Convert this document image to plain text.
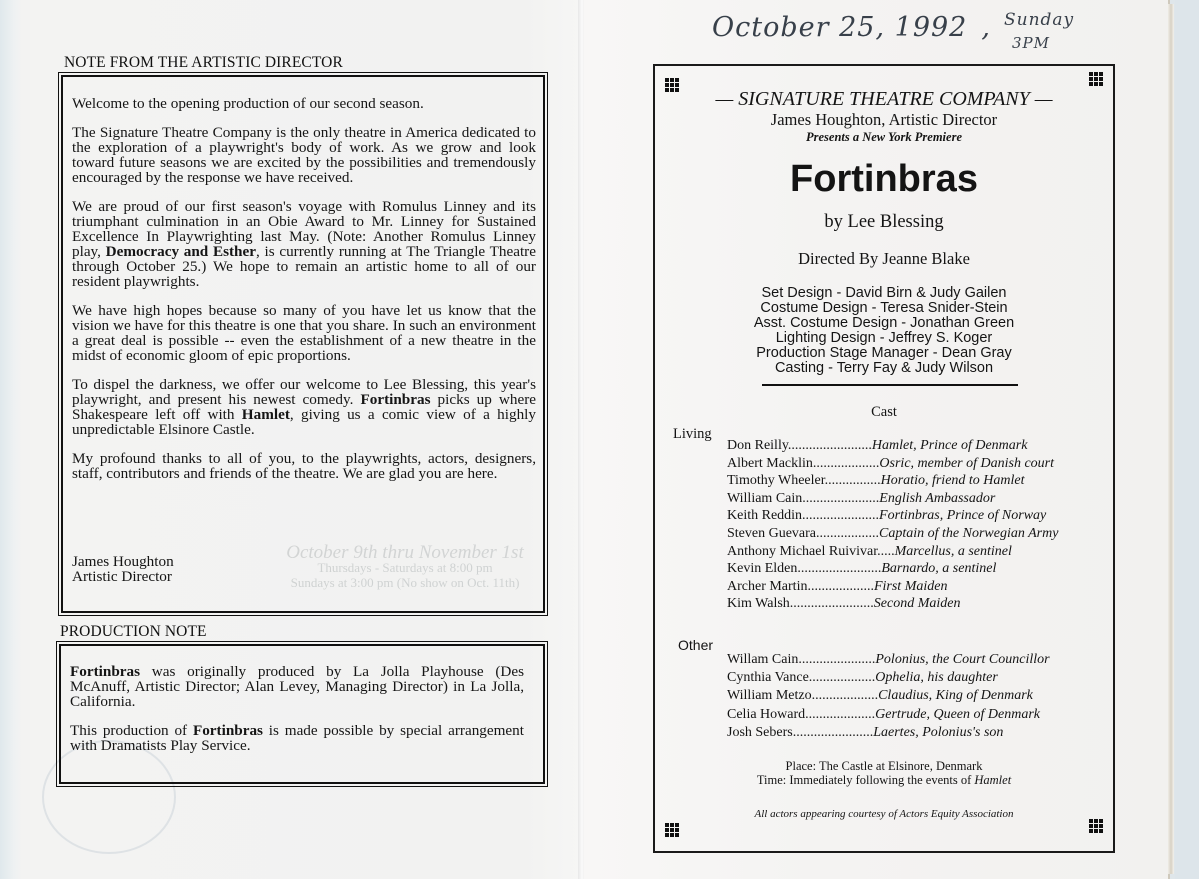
October 9th thru November 1st
Thursdays - Saturdays at 8:00 pm
Sundays at 3:00 pm (No show on Oct. 11th)
NOTE FROM THE ARTISTIC DIRECTOR

Welcome to the opening production of our second season.

The Signature Theatre Company is the only theatre in America dedicated to the exploration of a playwright's body of work. As we grow and look toward future seasons we are excited by the possibilities and tremendously encouraged by the response we have received.

We are proud of our first season's voyage with Romulus Linney and its triumphant culmination in an Obie Award to Mr. Linney for Sustained Excellence In Playwrighting last May. (Note: Another Romulus Linney play, Democracy and Esther, is currently running at The Triangle Theatre through October 25.) We hope to remain an artistic home to all of our resident playwrights.

We have high hopes because so many of you have let us know that the vision we have for this theatre is one that you share. In such an environment a great deal is possible -- even the establishment of a new theatre in the midst of economic gloom of epic proportions.

To dispel the darkness, we offer our welcome to Lee Blessing, this year's playwright, and present his newest comedy. Fortinbras picks up where Shakespeare left off with Hamlet, giving us a comic view of a highly unpredictable Elsinore Castle.

My profound thanks to all of you, to the playwrights, actors, designers, staff, contributors and friends of the theatre. We are glad you are here.

James Houghton
Artistic Director
PRODUCTION NOTE

Fortinbras was originally produced by La Jolla Playhouse (Des McAnuff, Artistic Director; Alan Levey, Managing Director) in La Jolla, California.

This production of Fortinbras is made possible by special arrangement with Dramatists Play Service.

October 25, 1992 , Sunday
3PM
— SIGNATURE THEATRE COMPANY —
James Houghton, Artistic Director
Presents a New York Premiere
Fortinbras
by Lee Blessing
Directed By Jeanne Blake
Set Design - David Birn & Judy Gailen
Costume Design - Teresa Snider-Stein
Asst. Costume Design - Jonathan Green
Lighting Design - Jeffrey S. Koger
Production Stage Manager - Dean Gray
Casting - Terry Fay & Judy Wilson
Cast
Place: The Castle at Elsinore, Denmark
Time: Immediately following the events of Hamlet
All actors appearing courtesy of Actors Equity Association
Living
Other
Don Reilly........................Hamlet, Prince of Denmark
Albert Macklin...................Osric, member of Danish court
Timothy Wheeler................Horatio, friend to Hamlet
William Cain......................English Ambassador
Keith Reddin......................Fortinbras, Prince of Norway
Steven Guevara..................Captain of the Norwegian Army
Anthony Michael Ruivivar.....Marcellus, a sentinel
Kevin Elden........................Barnardo, a sentinel
Archer Martin...................First Maiden
Kim Walsh........................Second Maiden
Willam Cain......................Polonius, the Court Councillor
Cynthia Vance...................Ophelia, his daughter
William Metzo...................Claudius, King of Denmark
Celia Howard....................Gertrude, Queen of Denmark
Josh Sebers.......................Laertes, Polonius's son
